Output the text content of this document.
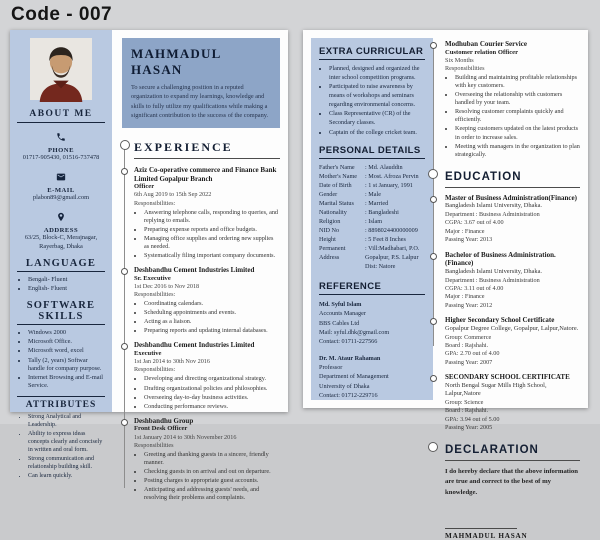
Code - 007
ABOUT ME
PHONE
01717-905430, 01516-737478
E-MAIL
plabon89@gmail.com
ADDRESS
63/25, Block-C, Merajnagar, Rayerbag, Dhaka
LANGUAGE
• Bengali- Fluent
• English- Fluent
SOFTWARE SKILLS
• Windows 2000
• Microsoft Office.
• Microsoft word, excel
• Tally (2, years) Softwar handle for company purpose.
• Internet Browsing and E-mail Service.
ATTRIBUTES
• Strong Analytical and Leadership.
• Ability to express ideas concepts clearly and concisely in written and oral form.
• Strong communication and relationship building skill.
• Can learn quickly.
MAHMADUL HASAN

To secure a challenging position in a reputed organization to expand my learnings, knowledge and skills to fully utilize my qualifications while making a significant contribution to the success of the company.

EXPERIENCE
Aziz Co-operative commerce and Finance Bank Limited Gopalpur Branch
Officer
6th Aug 2019 to 15th Sep 2022
Responsibilities:
• Answering telephone calls, responding to queries, and replying to emails.
• Preparing expense reports and office budgets.
• Managing office supplies and ordering new supplies as needed.
• Systematically filing important company documents.
Deshbandhu Cement Industries Limited
Sr. Executive
1st Dec 2016 to Nov 2018
Responsibilities:
• Coordinating calendars.
• Scheduling appointments and events.
• Acting as a liaison.
• Preparing reports and updating internal databases.
Deshbandhu Cement Industries Limited
Executive
1st Jan 2014 to 30th Nov 2016
Responsibilities:
• Developing and directing organizational strategy.
• Drafting organizational policies and philosophies.
• Overseeing day-to-day business activities.
• Conducting performance reviews.
Deshbandhu Group
Front Desk Officer
1st January 2014 to 30th November 2016
Responsibilities
• Greeting and thanking guests in a sincere, friendly manner.
• Checking guests in on arrival and out on departure.
• Posting charges to appropriate guest accounts.
• Anticipating and addressing guests' needs, and resolving their problems and complaints.
EXTRA CURRICULAR
• Planned, designed and organized the inter school competition programs.
• Participated to raise awareness by means of workshops and seminars regarding environmental concerns.
• Class Representative (CR) of the Secondary classes.
• Captain of the college cricket team.
PERSONAL DETAILS
Father's Name	: Md. Alauddin
Mother's Name	: Most. Afroza Pervin
Date of Birth	: 1 st January, 1991
Gender	: Male
Marital Status	: Married
Nationality	: Bangladeshi
Religion	: Islam
NID No	: 8898024400000009
Height	: 5 Feet 8 Inches
Permanent Address
: Vill:Madhabari, P.O. Gopalpur, P.S. Lalpur Dist: Natore
REFERENCE
Md. Syful Islam
Accounts Manager
BBS Cables Ltd
Mail: syful.dhk@gmail.com
Contact: 01711-227566
Dr. M. Ataur Rahaman
Professor
Department of Management
University of Dhaka
Contact: 01712-229716
Modhuban Courier Service
Customer relation Officer
Six Months
Responsibilities
• Building and maintaining profitable relationships with key customers.
• Overseeing the relationship with customers handled by your team.
• Resolving customer complaints quickly and efficiently.
• Keeping customers updated on the latest products in order to increase sales.
• Meeting with managers in the organization to plan strategically.
EDUCATION
Master of Business Administration(Finance)
Bangladesh Islami University, Dhaka.
Department : Business Administration
CGPA: 3.67 out of 4.00
Major : Finance
Passing Year: 2013
Bachelor of Business Administration.(Finance)
Bangladesh Islami University, Dhaka.
Department : Business Administration
CGPA: 3.11 out of 4.00
Major : Finance
Passing Year: 2012
Higher Secondary School Certificate
Gopalpur Degree College, Gopalpur, Lalpur,Natore.
Group: Commerce
Board : Rajshahi.
GPA: 2.70 out of 4.00
Passing Year: 2007
SECONDARY SCHOOL CERTIFICATE
North Bengal Sugar Mills High School, Lalpur,Natore
Group: Science
Board : Rajshahi.
GPA: 3.94 out of 5.00
Passing Year: 2005
DECLARATION

I do hereby declare that the above information are true and correct to the best of my knowledge.

MAHMADUL HASAN
